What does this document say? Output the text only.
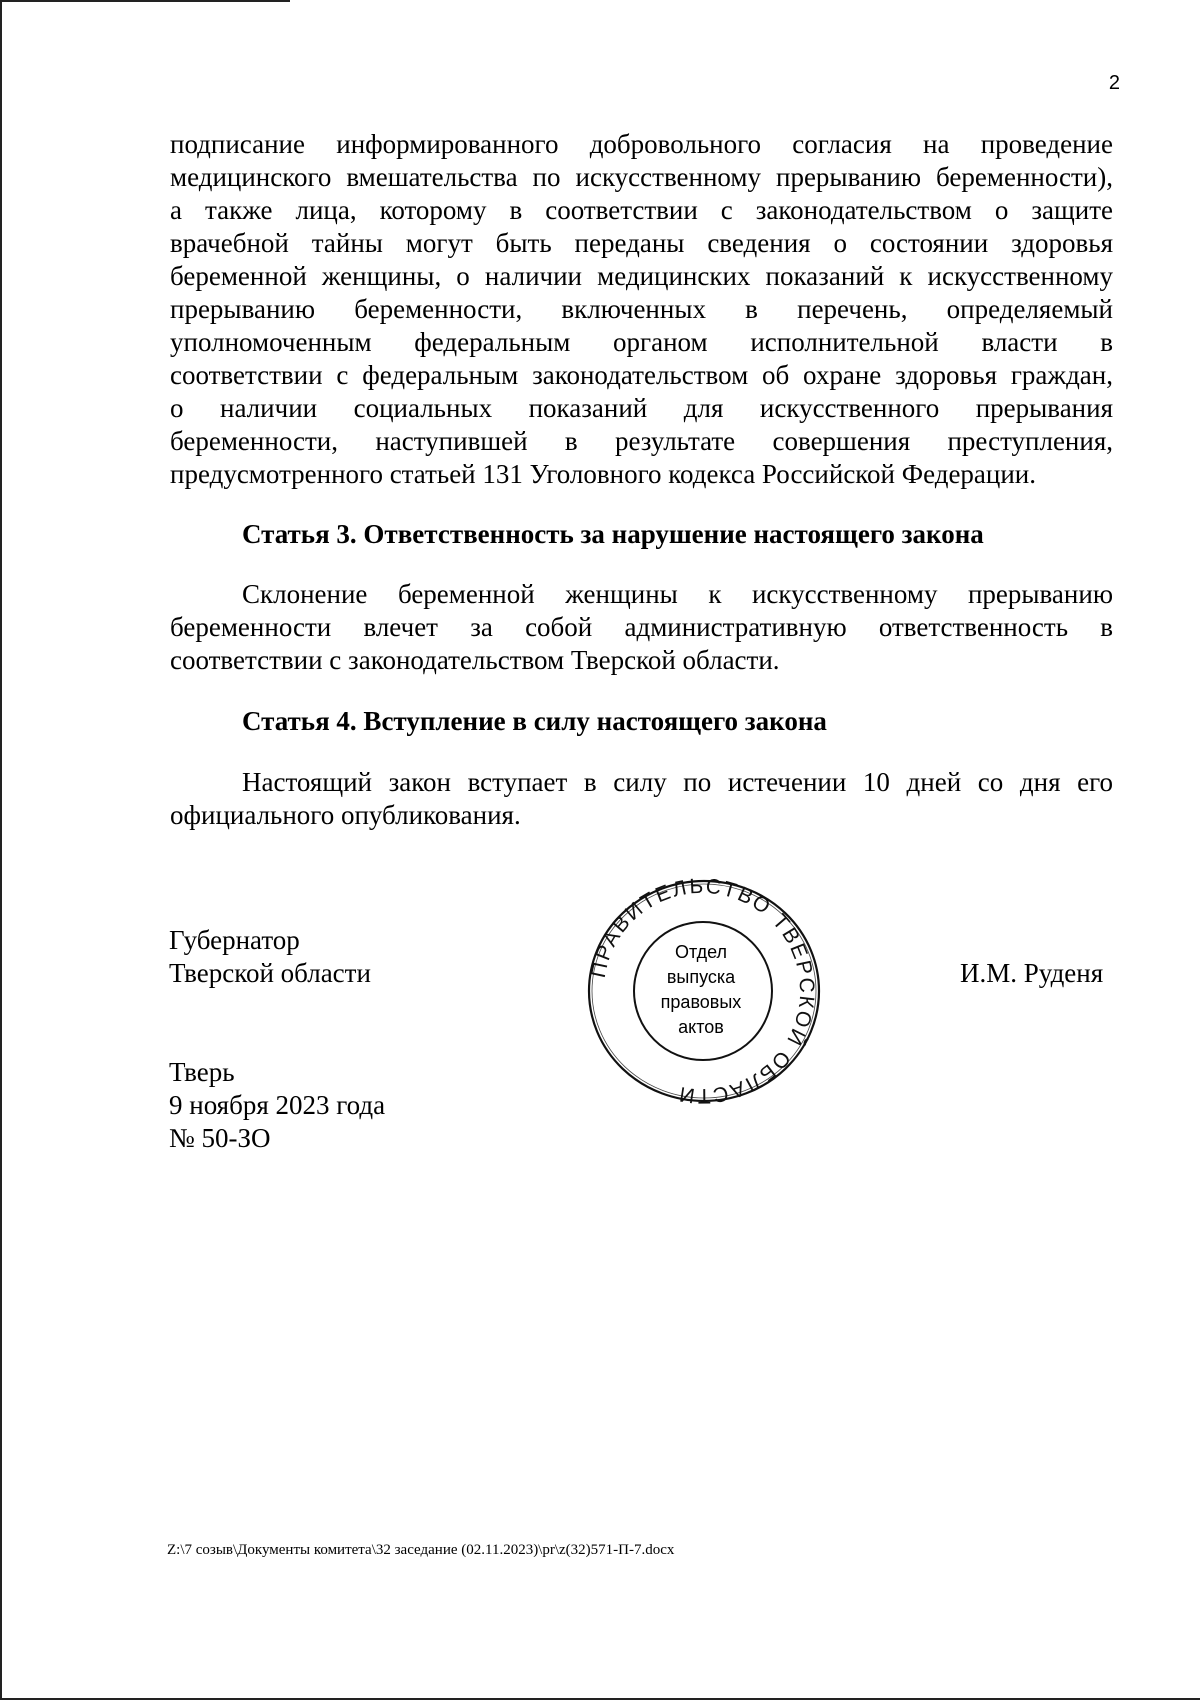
2

подписание информированного добровольного согласия на проведение
медицинского вмешательства по искусственному прерыванию беременности),
а также лица, которому в соответствии с законодательством о защите
врачебной тайны могут быть переданы сведения о состоянии здоровья
беременной женщины, о наличии медицинских показаний к искусственному
прерыванию беременности, включенных в перечень, определяемый
уполномоченным федеральным органом исполнительной власти в
соответствии с федеральным законодательством об охране здоровья граждан,
о наличии социальных показаний для искусственного прерывания
беременности, наступившей в результате совершения преступления,
предусмотренного статьей 131 Уголовного кодекса Российской Федерации.

Статья 3. Ответственность за нарушение настоящего закона

Склонение беременной женщины к искусственному прерыванию
беременности влечет за собой административную ответственность в
соответствии с законодательством Тверской области.

Статья 4. Вступление в силу настоящего закона

Настоящий закон вступает в силу по истечении 10 дней со дня его
официального опубликования.

Губернатор

Тверской области	И.М. Руденя

ПРАВИТЕЛЬСТВО ТВЕРСКОЙ ОБЛАСТИ
Отдел
выпуска
правовых
актов

Тверь

9 ноября 2023 года

№ 50-ЗО

Z:\7 созыв\Документы комитета\32 заседание (02.11.2023)\pr\z(32)571-П-7.docx
